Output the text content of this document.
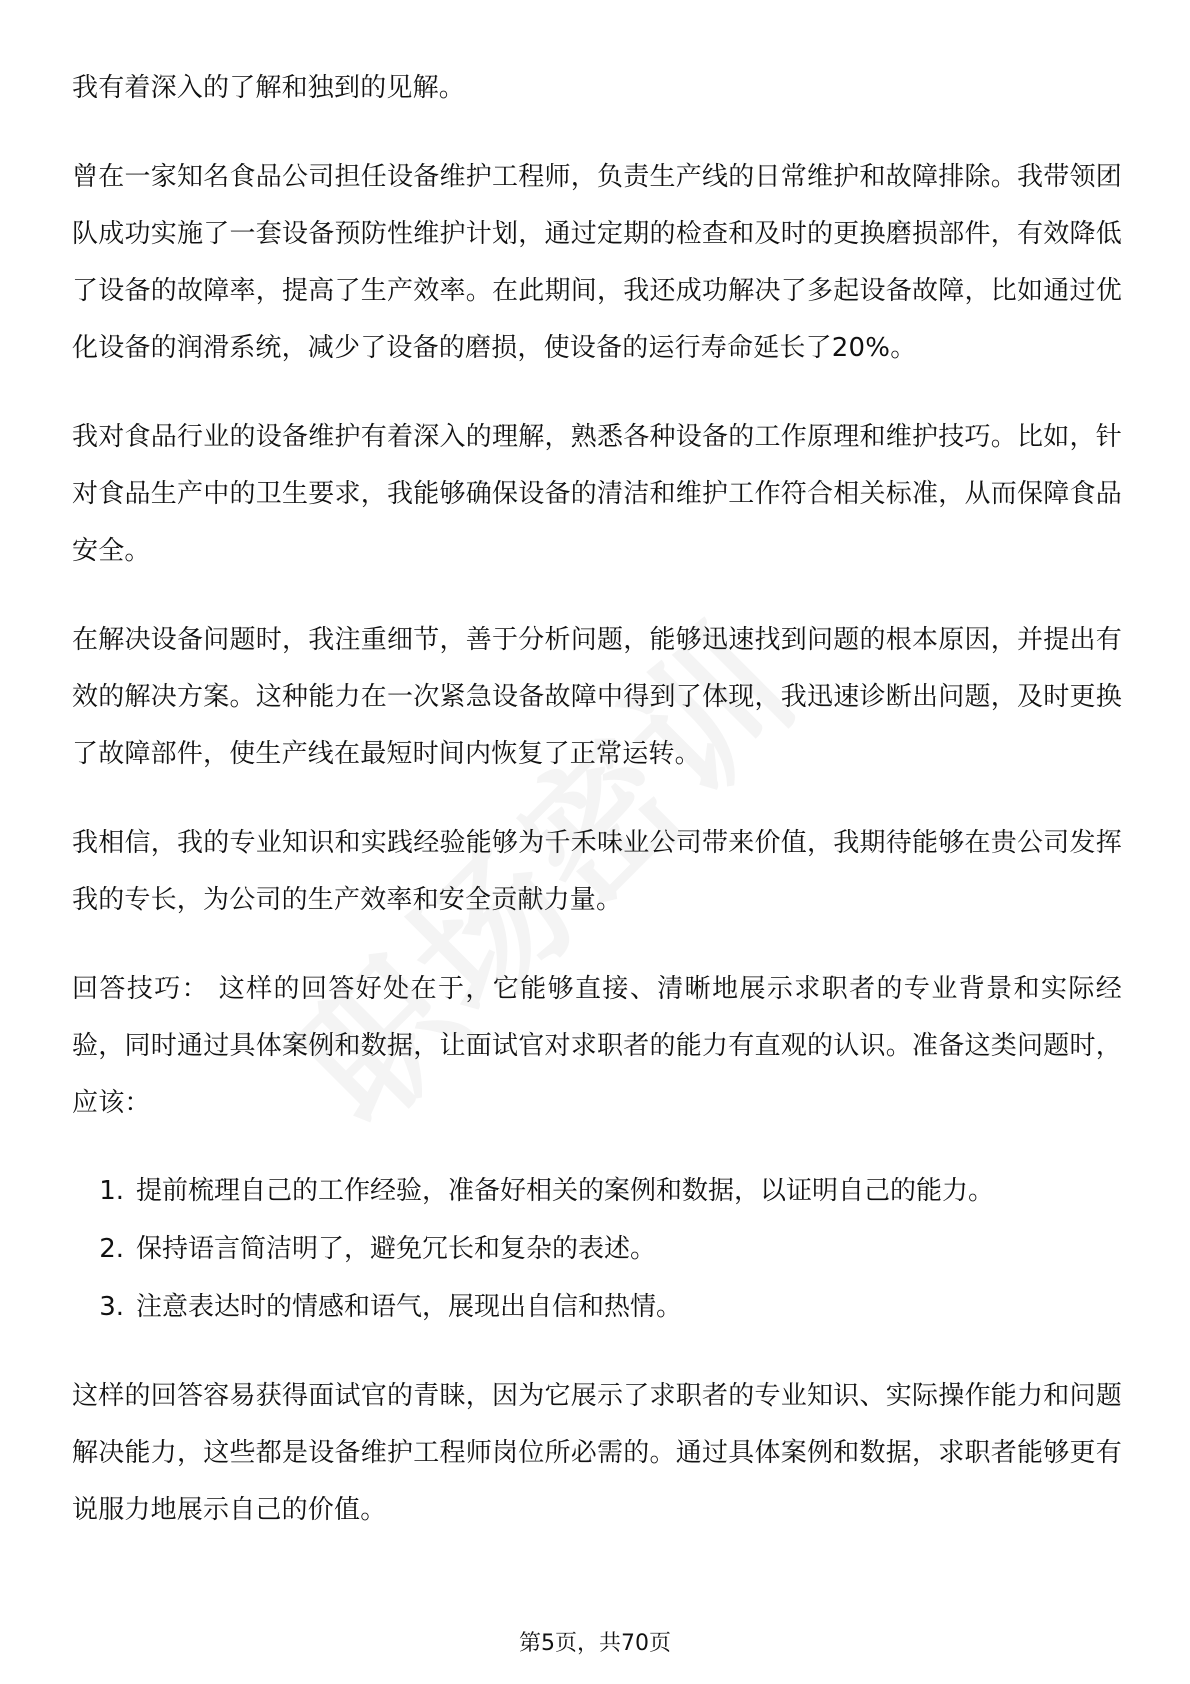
我有着深入的了解和独到的见解。

曾在一家知名食品公司担任设备维护工程师，负责生产线的日常维护和故障排除。我带领团队成功实施了一套设备预防性维护计划，通过定期的检查和及时的更换磨损部件，有效降低了设备的故障率，提高了生产效率。在此期间，我还成功解决了多起设备故障，比如通过优化设备的润滑系统，减少了设备的磨损，使设备的运行寿命延长了20%。

我对食品行业的设备维护有着深入的理解，熟悉各种设备的工作原理和维护技巧。比如，针对食品生产中的卫生要求，我能够确保设备的清洁和维护工作符合相关标准，从而保障食品安全。

在解决设备问题时，我注重细节，善于分析问题，能够迅速找到问题的根本原因，并提出有效的解决方案。这种能力在一次紧急设备故障中得到了体现，我迅速诊断出问题，及时更换了故障部件，使生产线在最短时间内恢复了正常运转。

我相信，我的专业知识和实践经验能够为千禾味业公司带来价值，我期待能够在贵公司发挥我的专长，为公司的生产效率和安全贡献力量。

回答技巧： 这样的回答好处在于，它能够直接、清晰地展示求职者的专业背景和实际经验，同时通过具体案例和数据，让面试官对求职者的能力有直观的认识。准备这类问题时，应该：

1. 提前梳理自己的工作经验，准备好相关的案例和数据，以证明自己的能力。
2. 保持语言简洁明了，避免冗长和复杂的表述。
3. 注意表达时的情感和语气，展现出自信和热情。

这样的回答容易获得面试官的青睐，因为它展示了求职者的专业知识、实际操作能力和问题解决能力，这些都是设备维护工程师岗位所必需的。通过具体案例和数据，求职者能够更有说服力地展示自己的价值。

第5页，共70页
